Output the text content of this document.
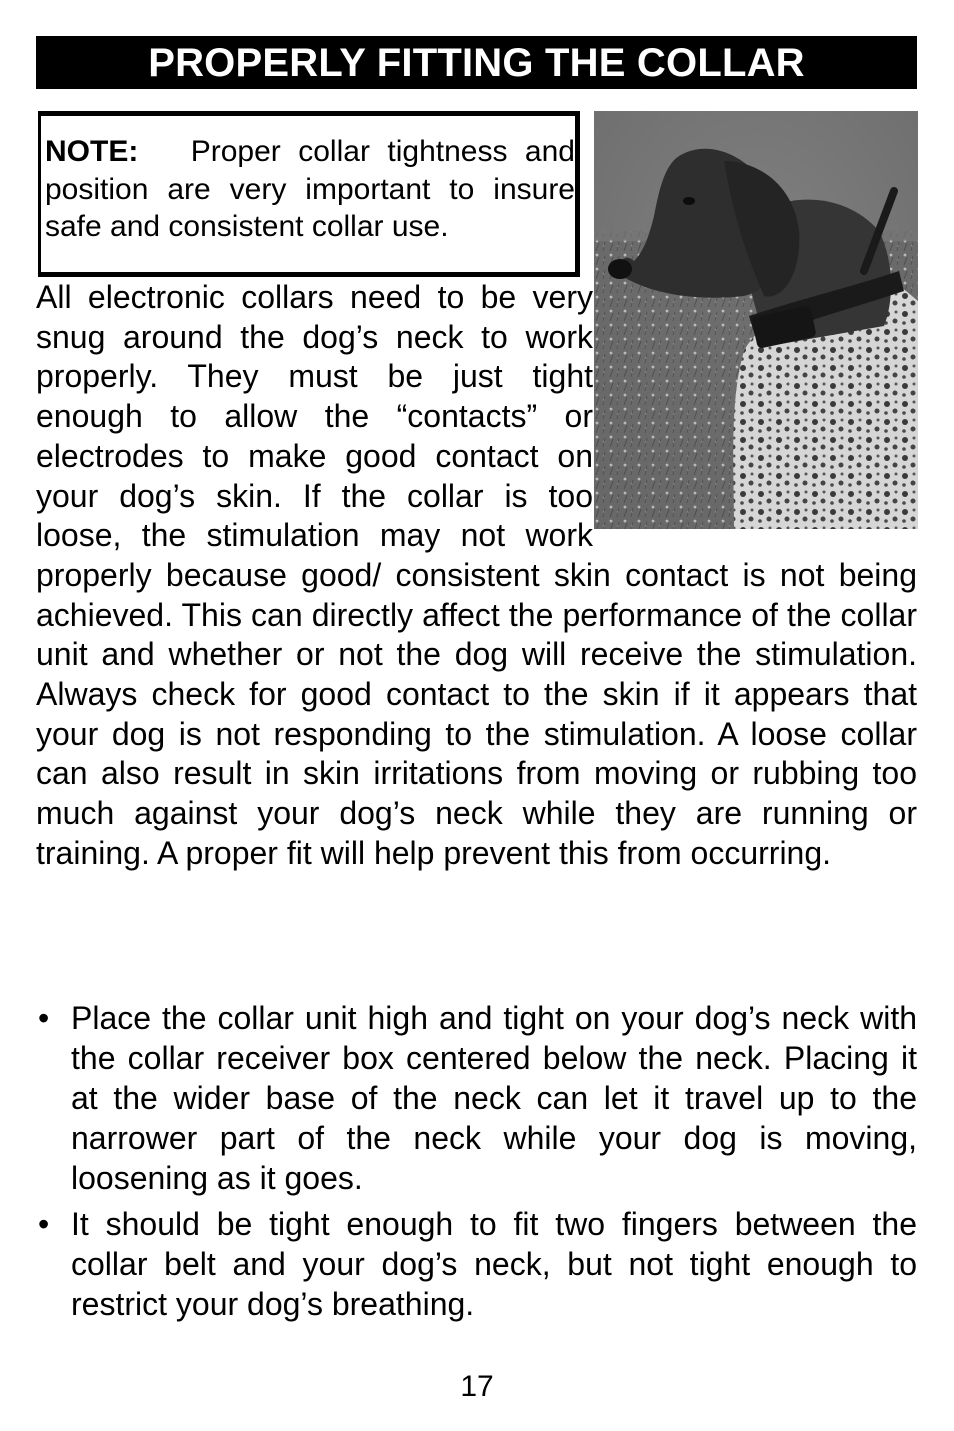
PROPERLY FITTING THE COLLAR
NOTE: Proper collar tightness and position are very important to insure safe and consistent collar use.

All electronic collars need to be very snug around the dog’s neck to work properly. They must be just tight enough to allow the “contacts” or electrodes to make good contact on your dog’s skin. If the collar is too loose, the stimulation may not work properly because good/ consistent skin contact is not being achieved. This can directly affect the performance of the collar unit and whether or not the dog will receive the stimulation. Always check for good contact to the skin if it appears that your dog is not responding to the stimulation. A loose collar can also result in skin irritations from moving or rubbing too much against your dog’s neck while they are running or training. A proper fit will help prevent this from occurring.

• Place the collar unit high and tight on your dog’s neck with the collar receiver box centered below the neck. Placing it at the wider base of the neck can let it travel up to the narrower part of the neck while your dog is moving, loosening as it goes.
• It should be tight enough to fit two fingers between the collar belt and your dog’s neck, but not tight enough to restrict your dog’s breathing.
17
